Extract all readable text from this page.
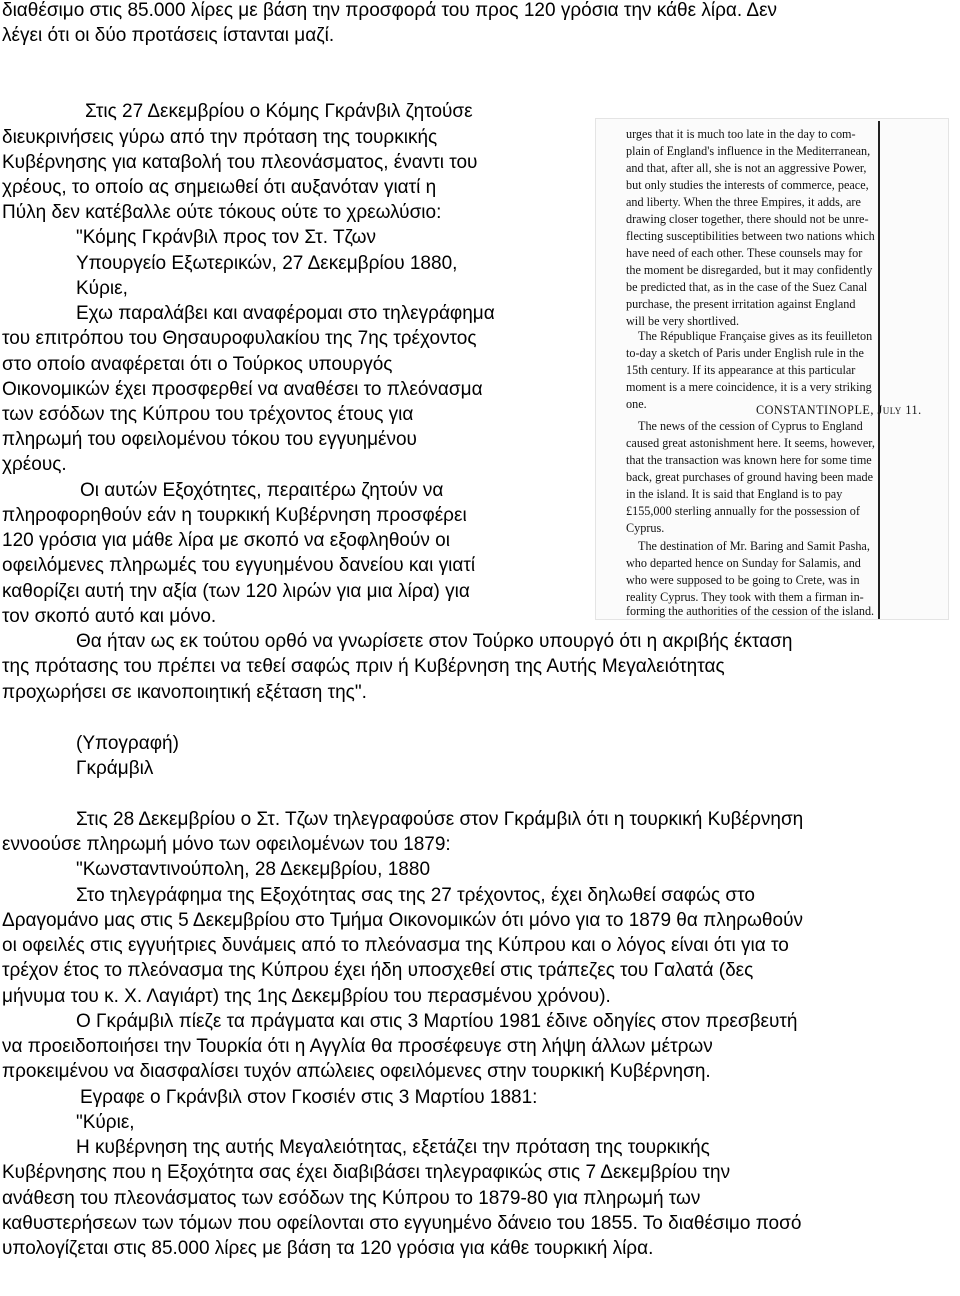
διαθέσιμο στις 85.000 λίρες με βάση την προσφορά του προς 120 γρόσια την κάθε λίρα. Δεν
λέγει ότι οι δύο προτάσεις ίστανται μαζί.
Στις 27 Δεκεμβρίου ο Κόμης Γκράνβιλ ζητούσε
διευκρινήσεις γύρω από την πρόταση της τουρκικής
Κυβέρνησης για καταβολή του πλεονάσματος, έναντι του
χρέους, το οποίο ας σημειωθεί ότι αυξανόταν γιατί η
Πύλη δεν κατέβαλλε ούτε τόκους ούτε το χρεωλύσιο:
"Κόμης Γκράνβιλ προς τον Στ. Τζων
Υπουργείο Εξωτερικών, 27 Δεκεμβρίου 1880,
Κύριε,
Εχω παραλάβει και αναφέρομαι στο τηλεγράφημα
του επιτρόπου του Θησαυροφυλακίου της 7ης τρέχοντος
στο οποίο αναφέρεται ότι ο Τούρκος υπουργός
Οικονομικών έχει προσφερθεί να αναθέσει το πλεόνασμα
των εσόδων της Κύπρου του τρέχοντος έτους για
πληρωμή του οφειλομένου τόκου του εγγυημένου
χρέους.
Οι αυτών Εξοχότητες, περαιτέρω ζητούν να
πληροφορηθούν εάν η τουρκική Κυβέρνηση προσφέρει
120 γρόσια για μάθε λίρα με σκοπό να εξοφληθούν οι
οφειλόμενες πληρωμές του εγγυημένου δανείου και γιατί
καθορίζει αυτή την αξία (των 120 λιρών για μια λίρα) για
τον σκοπό αυτό και μόνο.
Θα ήταν ως εκ τούτου ορθό να γνωρίσετε στον Τούρκο υπουργό ότι η ακριβής έκταση
της πρότασης του πρέπει να τεθεί σαφώς πριν ή Κυβέρνηση της Αυτής Μεγαλειότητας
προχωρήσει σε ικανοποιητική εξέταση της".
(Υπογραφή)
Γκράμβιλ
Στις 28 Δεκεμβρίου ο Στ. Τζων τηλεγραφούσε στον Γκράμβιλ ότι η τουρκική Κυβέρνηση
εννοούσε πληρωμή μόνο των οφειλομένων του 1879:
"Κωνσταντινούπολη, 28 Δεκεμβρίου, 1880
Στο τηλεγράφημα της Εξοχότητας σας της 27 τρέχοντος, έχει δηλωθεί σαφώς στο
Δραγομάνο μας στις 5 Δεκεμβρίου στο Τμήμα Οικονομικών ότι μόνο για το 1879 θα πληρωθούν
οι οφειλές στις εγγυήτριες δυνάμεις από το πλεόνασμα της Κύπρου και ο λόγος είναι ότι για το
τρέχον έτος το πλεόνασμα της Κύπρου έχει ήδη υποσχεθεί στις τράπεζες του Γαλατά (δες
μήνυμα του κ. Χ. Λαγιάρτ) της 1ης Δεκεμβρίου του περασμένου χρόνου).
Ο Γκράμβιλ πίεζε τα πράγματα και στις 3 Μαρτίου 1981 έδινε οδηγίες στον πρεσβευτή
να προειδοποιήσει την Τουρκία ότι η Αγγλία θα προσέφευγε στη λήψη άλλων μέτρων
προκειμένου να διασφαλίσει τυχόν απώλειες οφειλόμενες στην τουρκική Κυβέρνηση.
Εγραφε ο Γκράνβιλ στον Γκοσιέν στις 3 Μαρτίου 1881:
"Κύριε,
Η κυβέρνηση της αυτής Μεγαλειότητας, εξετάζει την πρόταση της τουρκικής
Κυβέρνησης που η Εξοχότητα σας έχει διαβιβάσει τηλεγραφικώς στις 7 Δεκεμβρίου την
ανάθεση του πλεονάσματος των εσόδων της Κύπρου το 1879-80 για πληρωμή των
καθυστερήσεων των τόμων που οφείλονται στο εγγυημένο δάνειο του 1855. Το διαθέσιμο ποσό
υπολογίζεται στις 85.000 λίρες με βάση τα 120 γρόσια για κάθε τουρκική λίρα.
urges that it is much too late in the day to com-
plain of England's influence in the Mediterranean,
and that, after all, she is not an aggressive Power,
but only studies the interests of commerce, peace,
and liberty. When the three Empires, it adds, are
drawing closer together, there should not be unre-
flecting susceptibilities between two nations which
have need of each other. These counsels may for
the moment be disregarded, but it may confidently
be predicted that, as in the case of the Suez Canal
purchase, the present irritation against England
will be very shortlived.
The République Française gives as its feuilleton
to-day a sketch of Paris under English rule in the
15th century. If its appearance at this particular
moment is a mere coincidence, it is a very striking
one.	CONSTANTINOPLE, July 11.
The news of the cession of Cyprus to England
caused great astonishment here. It seems, however,
that the transaction was known here for some time
back, great purchases of ground having been made
in the island. It is said that England is to pay
£155,000 sterling annually for the possession of
Cyprus.
The destination of Mr. Baring and Samit Pasha,
who departed hence on Sunday for Salamis, and
who were supposed to be going to Crete, was in
reality Cyprus. They took with them a firman in-
forming the authorities of the cession of the island.
